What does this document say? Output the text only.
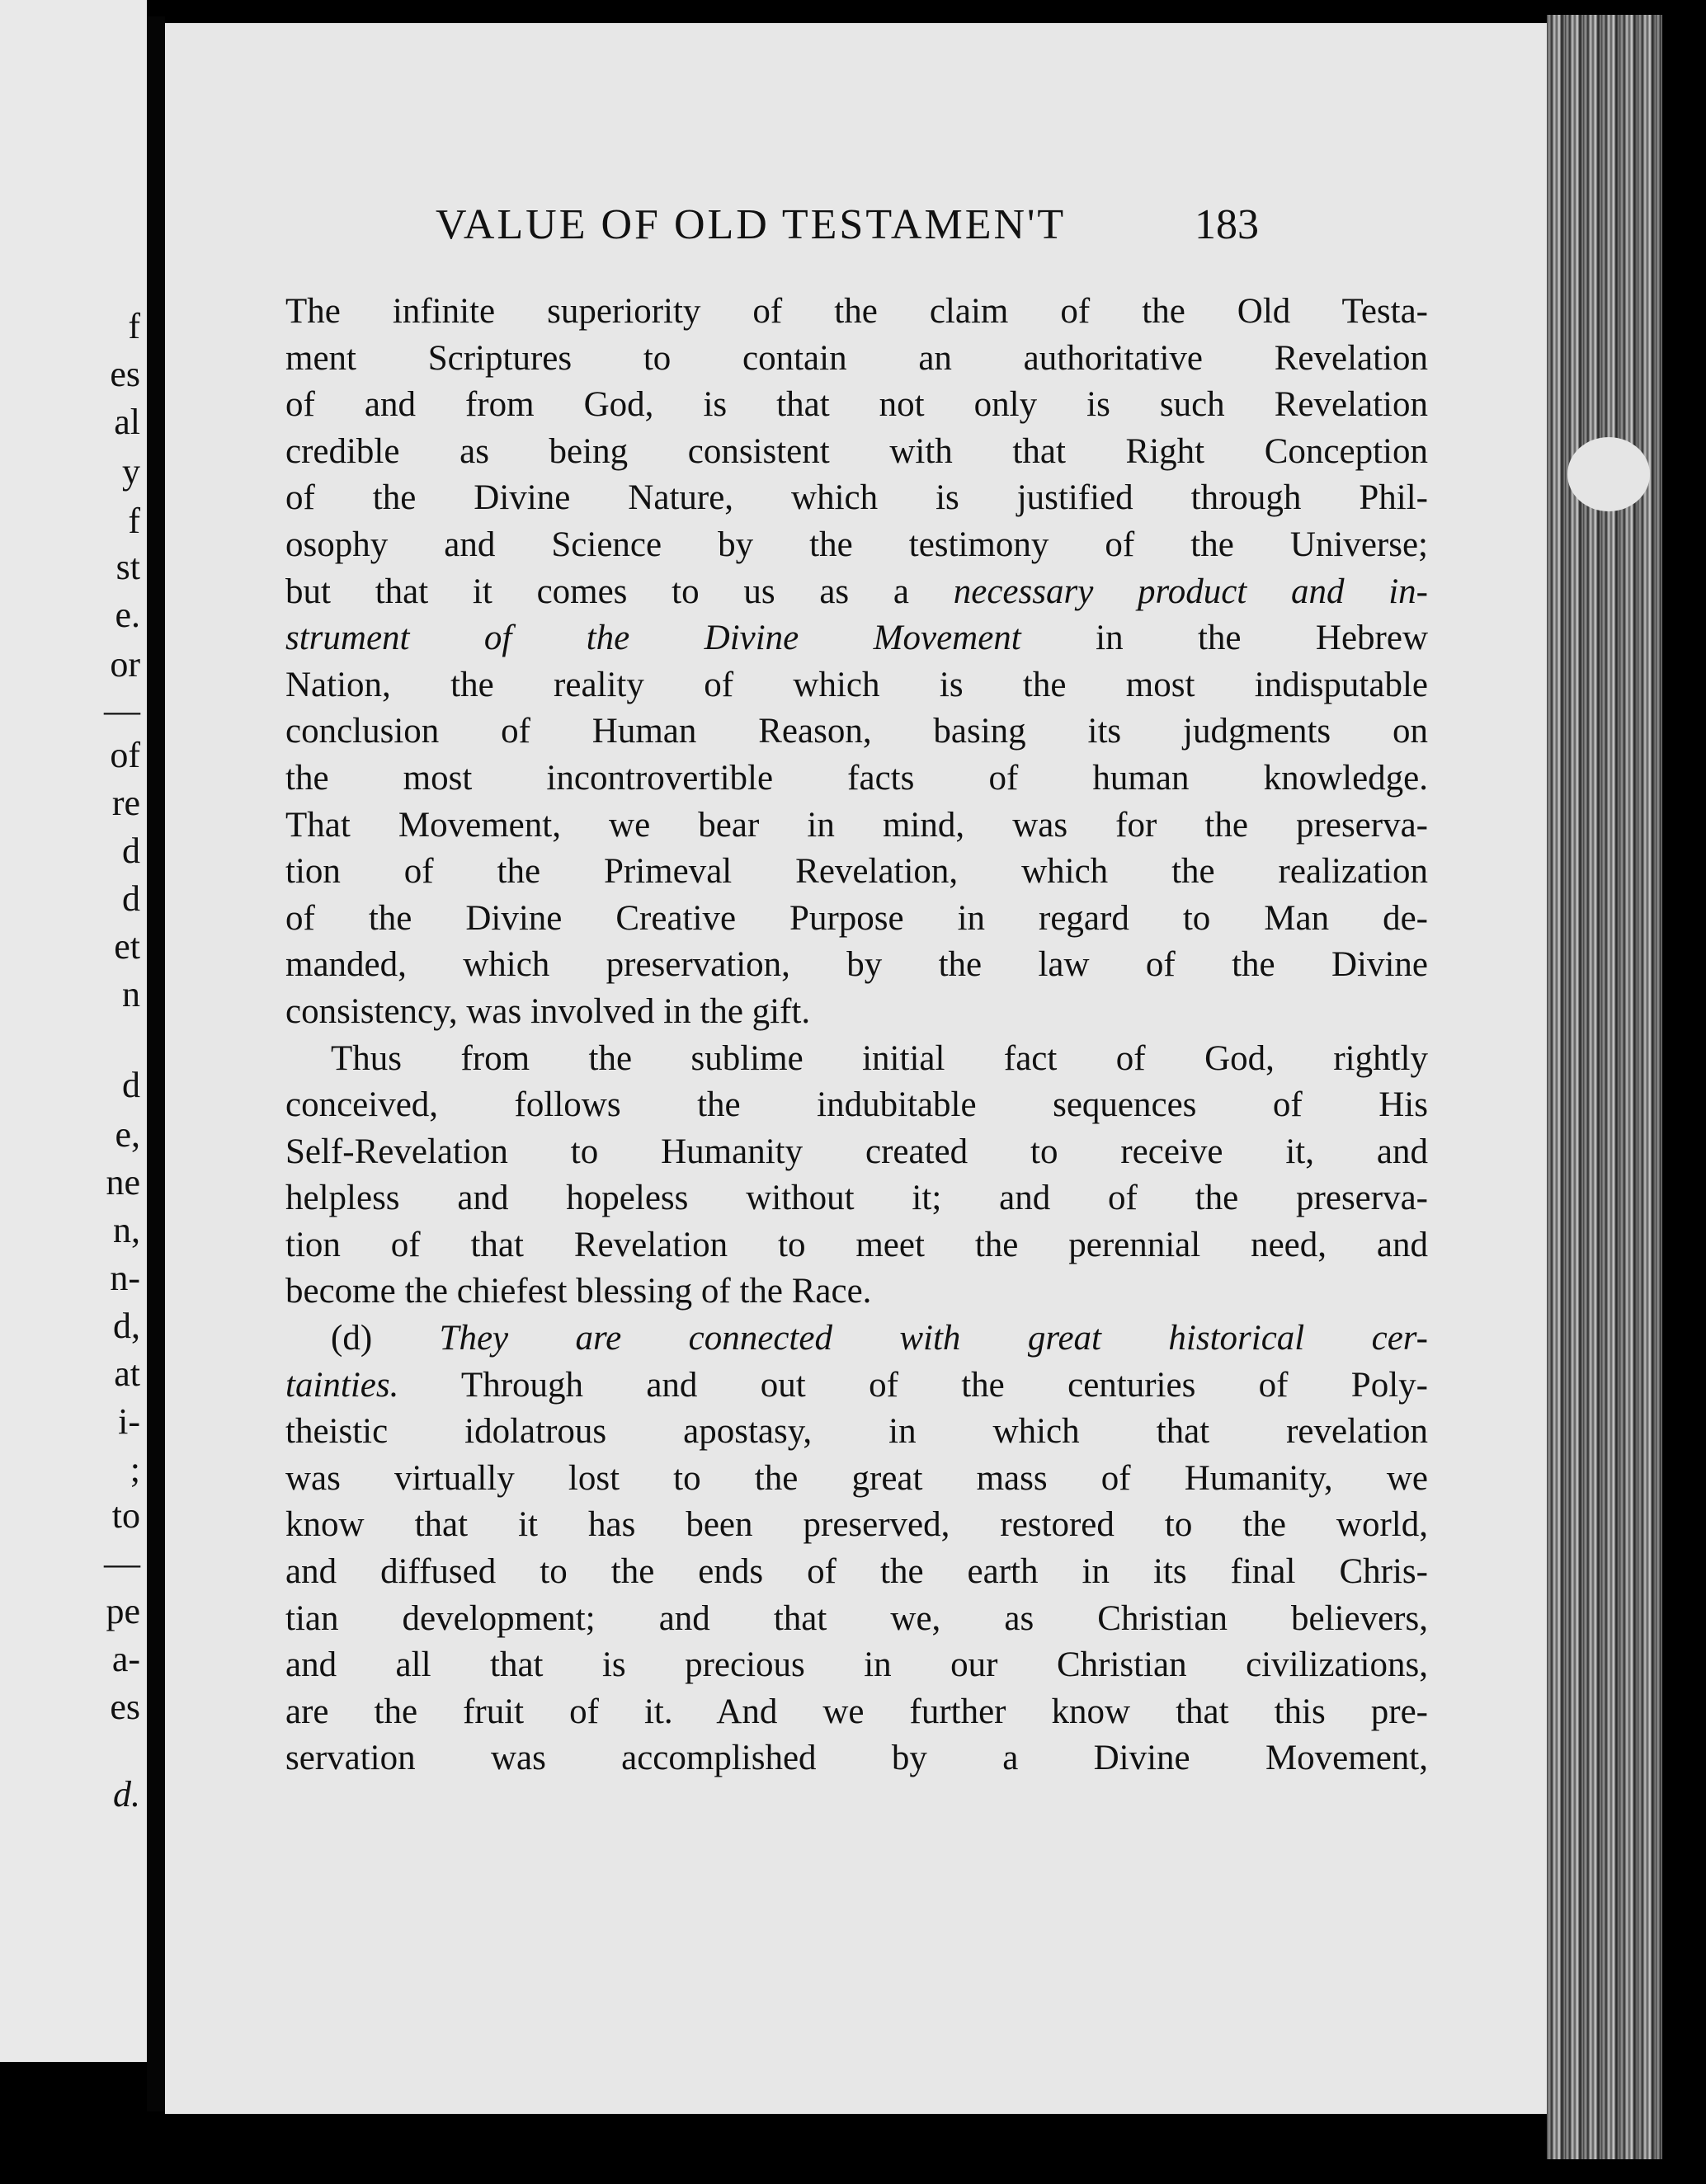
f
es
al
y
f
st
e.
or
—
of
re
d
d
et
n
d
e,
ne
n,
n-
d,
at
i-
;
to
—
pe
a-
es
d.
VALUE OF OLD TESTAMEN'T	183
The infinite superiority of the claim of the Old Testa-
ment Scriptures to contain an authoritative Revelation
of and from God, is that not only is such Revelation
credible as being consistent with that Right Conception
of the Divine Nature, which is justified through Phil-
osophy and Science by the testimony of the Universe;
but that it comes to us as a necessary product and in-
strument of the Divine Movement in the Hebrew
Nation, the reality of which is the most indisputable
conclusion of Human Reason, basing its judgments on
the most incontrovertible facts of human knowledge.
That Movement, we bear in mind, was for the preserva-
tion of the Primeval Revelation, which the realization
of the Divine Creative Purpose in regard to Man de-
manded, which preservation, by the law of the Divine
consistency, was involved in the gift.
Thus from the sublime initial fact of God, rightly
conceived, follows the indubitable sequences of His
Self-Revelation to Humanity created to receive it, and
helpless and hopeless without it; and of the preserva-
tion of that Revelation to meet the perennial need, and
become the chiefest blessing of the Race.
(d) They are connected with great historical cer-
tainties. Through and out of the centuries of Poly-
theistic idolatrous apostasy, in which that revelation
was virtually lost to the great mass of Humanity, we
know that it has been preserved, restored to the world,
and diffused to the ends of the earth in its final Chris-
tian development; and that we, as Christian believers,
and all that is precious in our Christian civilizations,
are the fruit of it. And we further know that this pre-
servation was accomplished by a Divine Movement,
